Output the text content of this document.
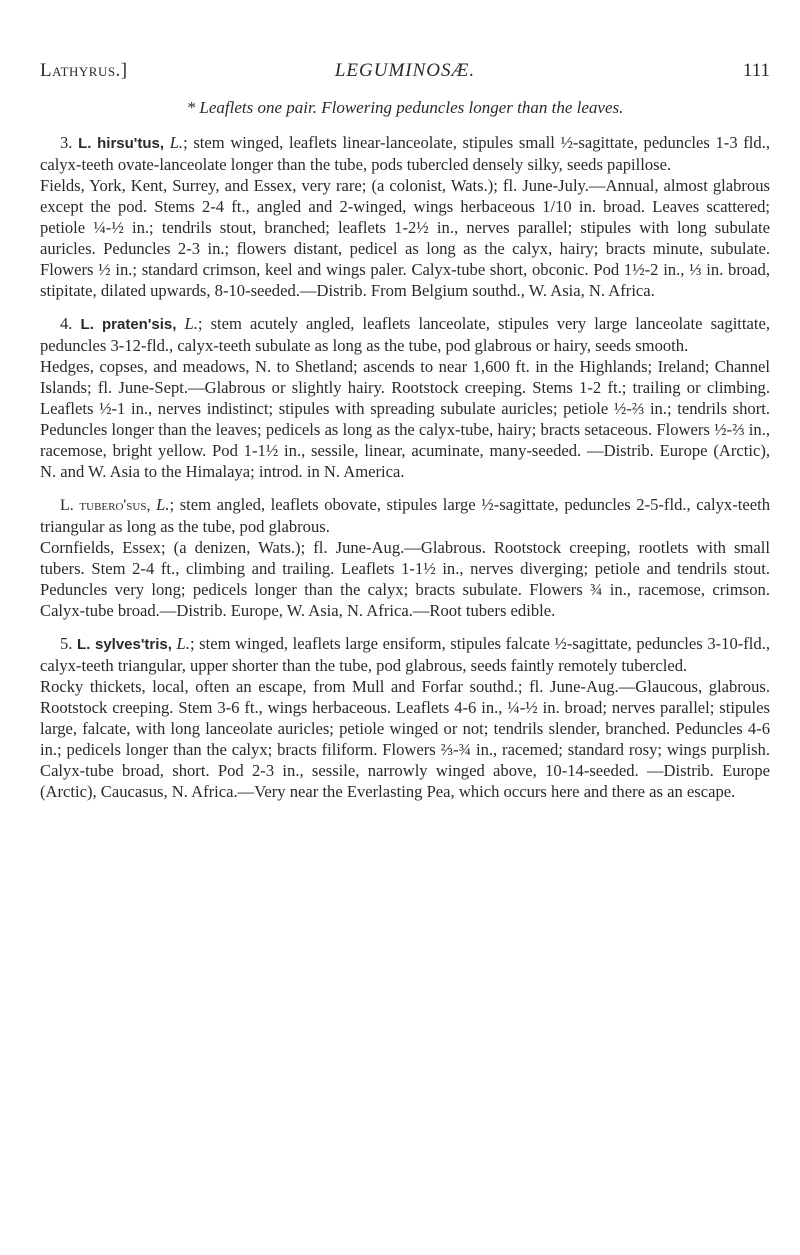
Lathyrus.]	LEGUMINOSÆ.	111
* Leaflets one pair. Flowering peduncles longer than the leaves.

3. L. hirsu'tus, L.; stem winged, leaflets linear-lanceolate, stipules small ½-sagittate, peduncles 1-3 fld., calyx-teeth ovate-lanceolate longer than the tube, pods tubercled densely silky, seeds papillose.

Fields, York, Kent, Surrey, and Essex, very rare; (a colonist, Wats.); fl. June-July.—Annual, almost glabrous except the pod. Stems 2-4 ft., angled and 2-winged, wings herbaceous 1/10 in. broad. Leaves scattered; petiole ¼-½ in.; tendrils stout, branched; leaflets 1-2½ in., nerves parallel; stipules with long subulate auricles. Peduncles 2-3 in.; flowers distant, pedicel as long as the calyx, hairy; bracts minute, subulate. Flowers ½ in.; standard crimson, keel and wings paler. Calyx-tube short, obconic. Pod 1½-2 in., ⅓ in. broad, stipitate, dilated upwards, 8-10-seeded.—Distrib. From Belgium southd., W. Asia, N. Africa.

4. L. praten'sis, L.; stem acutely angled, leaflets lanceolate, stipules very large lanceolate sagittate, peduncles 3-12-fld., calyx-teeth subulate as long as the tube, pod glabrous or hairy, seeds smooth.

Hedges, copses, and meadows, N. to Shetland; ascends to near 1,600 ft. in the Highlands; Ireland; Channel Islands; fl. June-Sept.—Glabrous or slightly hairy. Rootstock creeping. Stems 1-2 ft.; trailing or climbing. Leaflets ½-1 in., nerves indistinct; stipules with spreading subulate auricles; petiole ½-⅔ in.; tendrils short. Peduncles longer than the leaves; pedicels as long as the calyx-tube, hairy; bracts setaceous. Flowers ½-⅔ in., racemose, bright yellow. Pod 1-1½ in., sessile, linear, acuminate, many-seeded. —Distrib. Europe (Arctic), N. and W. Asia to the Himalaya; introd. in N. America.

L. tubero'sus, L.; stem angled, leaflets obovate, stipules large ½-sagittate, peduncles 2-5-fld., calyx-teeth triangular as long as the tube, pod glabrous.

Cornfields, Essex; (a denizen, Wats.); fl. June-Aug.—Glabrous. Rootstock creeping, rootlets with small tubers. Stem 2-4 ft., climbing and trailing. Leaflets 1-1½ in., nerves diverging; petiole and tendrils stout. Peduncles very long; pedicels longer than the calyx; bracts subulate. Flowers ¾ in., racemose, crimson. Calyx-tube broad.—Distrib. Europe, W. Asia, N. Africa.—Root tubers edible.

5. L. sylves'tris, L.; stem winged, leaflets large ensiform, stipules falcate ½-sagittate, peduncles 3-10-fld., calyx-teeth triangular, upper shorter than the tube, pod glabrous, seeds faintly remotely tubercled.

Rocky thickets, local, often an escape, from Mull and Forfar southd.; fl. June-Aug.—Glaucous, glabrous. Rootstock creeping. Stem 3-6 ft., wings herbaceous. Leaflets 4-6 in., ¼-½ in. broad; nerves parallel; stipules large, falcate, with long lanceolate auricles; petiole winged or not; tendrils slender, branched. Peduncles 4-6 in.; pedicels longer than the calyx; bracts filiform. Flowers ⅔-¾ in., racemed; standard rosy; wings purplish. Calyx-tube broad, short. Pod 2-3 in., sessile, narrowly winged above, 10-14-seeded. —Distrib. Europe (Arctic), Caucasus, N. Africa.—Very near the Everlasting Pea, which occurs here and there as an escape.
